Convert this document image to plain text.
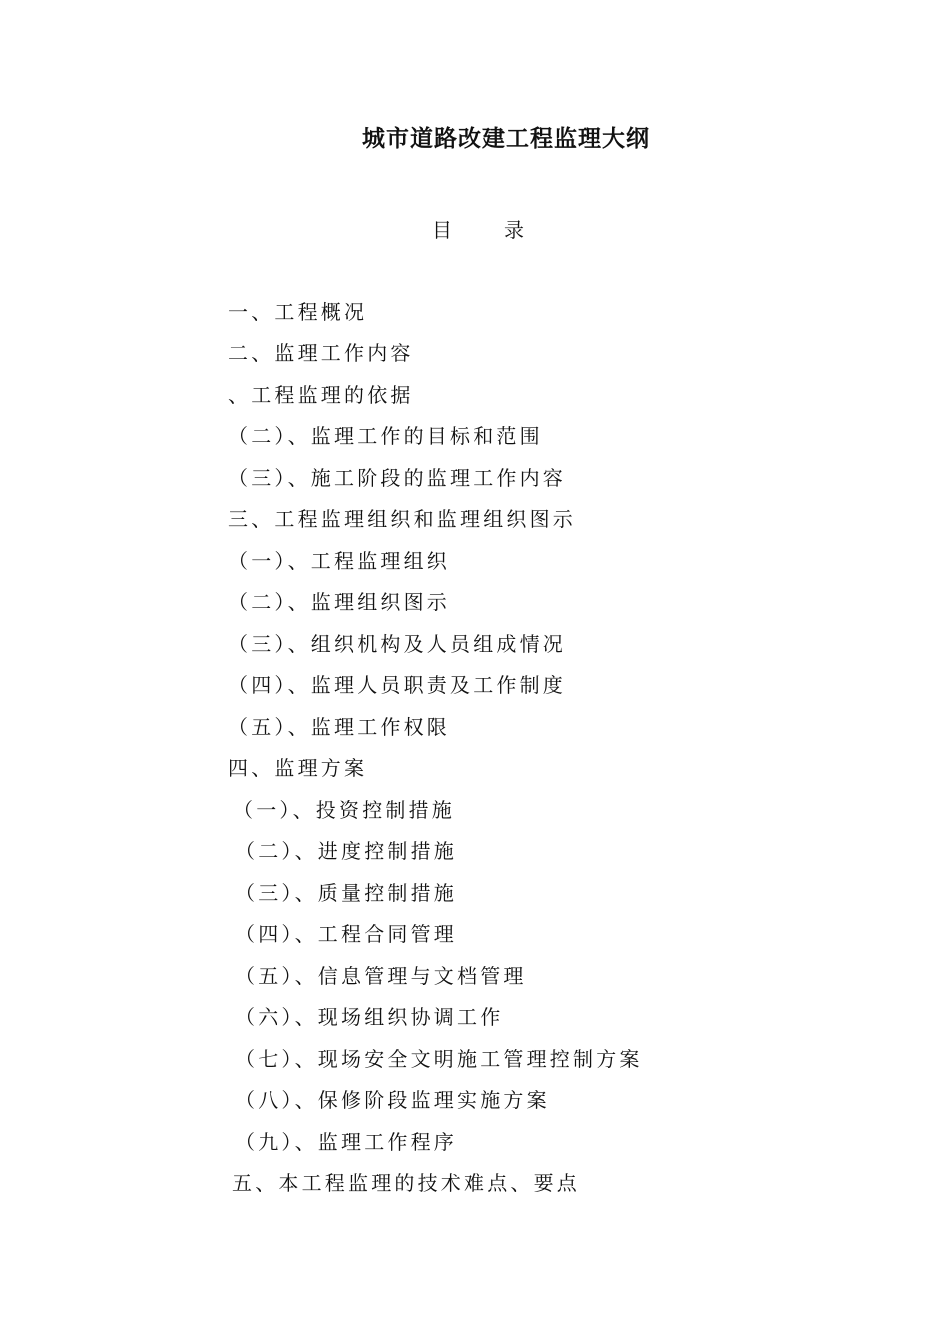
城市道路改建工程监理大纲
目录
一、工程概况
二、监理工作内容
、工程监理的依据
（二）、监理工作的目标和范围
（三）、施工阶段的监理工作内容
三、工程监理组织和监理组织图示
（一）、工程监理组织
（二）、监理组织图示
（三）、组织机构及人员组成情况
（四）、监理人员职责及工作制度
（五）、监理工作权限
四、监理方案
（一）、投资控制措施
（二）、进度控制措施
（三）、质量控制措施
（四）、工程合同管理
（五）、信息管理与文档管理
（六）、现场组织协调工作
（七）、现场安全文明施工管理控制方案
（八）、保修阶段监理实施方案
（九）、监理工作程序
五、本工程监理的技术难点、要点
